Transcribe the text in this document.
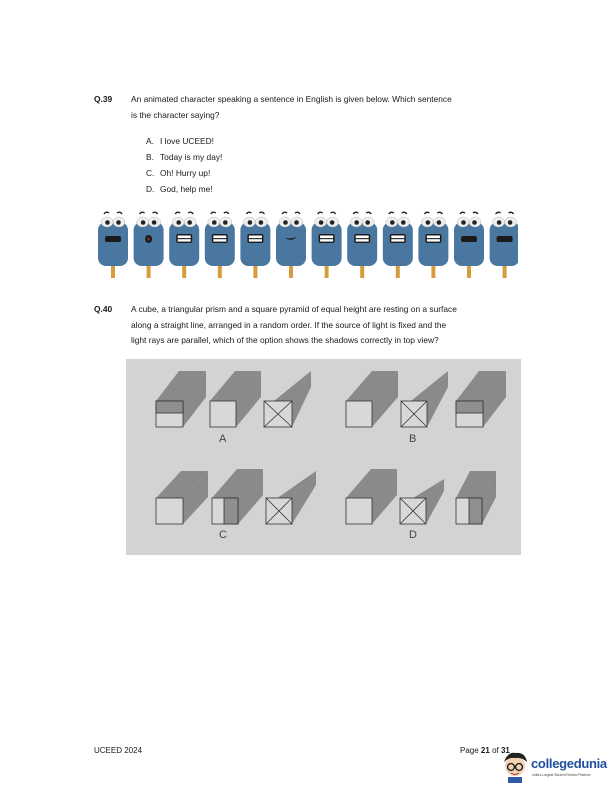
Q.39 An animated character speaking a sentence in English is given below. Which sentence
is the character saying?
A. I love UCEED!
B. Today is my day!
C. Oh! Hurry up!
D. God, help me!
Q.40 A cube, a triangular prism and a square pyramid of equal height are resting on a surface
along a straight line, arranged in a random order. If the source of light is fixed and the
light rays are parallel, which of the option shows the shadows correctly in top view?
A	B
C	D
UCEED 2024	Page 21 of 31
collegedunia
India's Largest Student Review Platform
